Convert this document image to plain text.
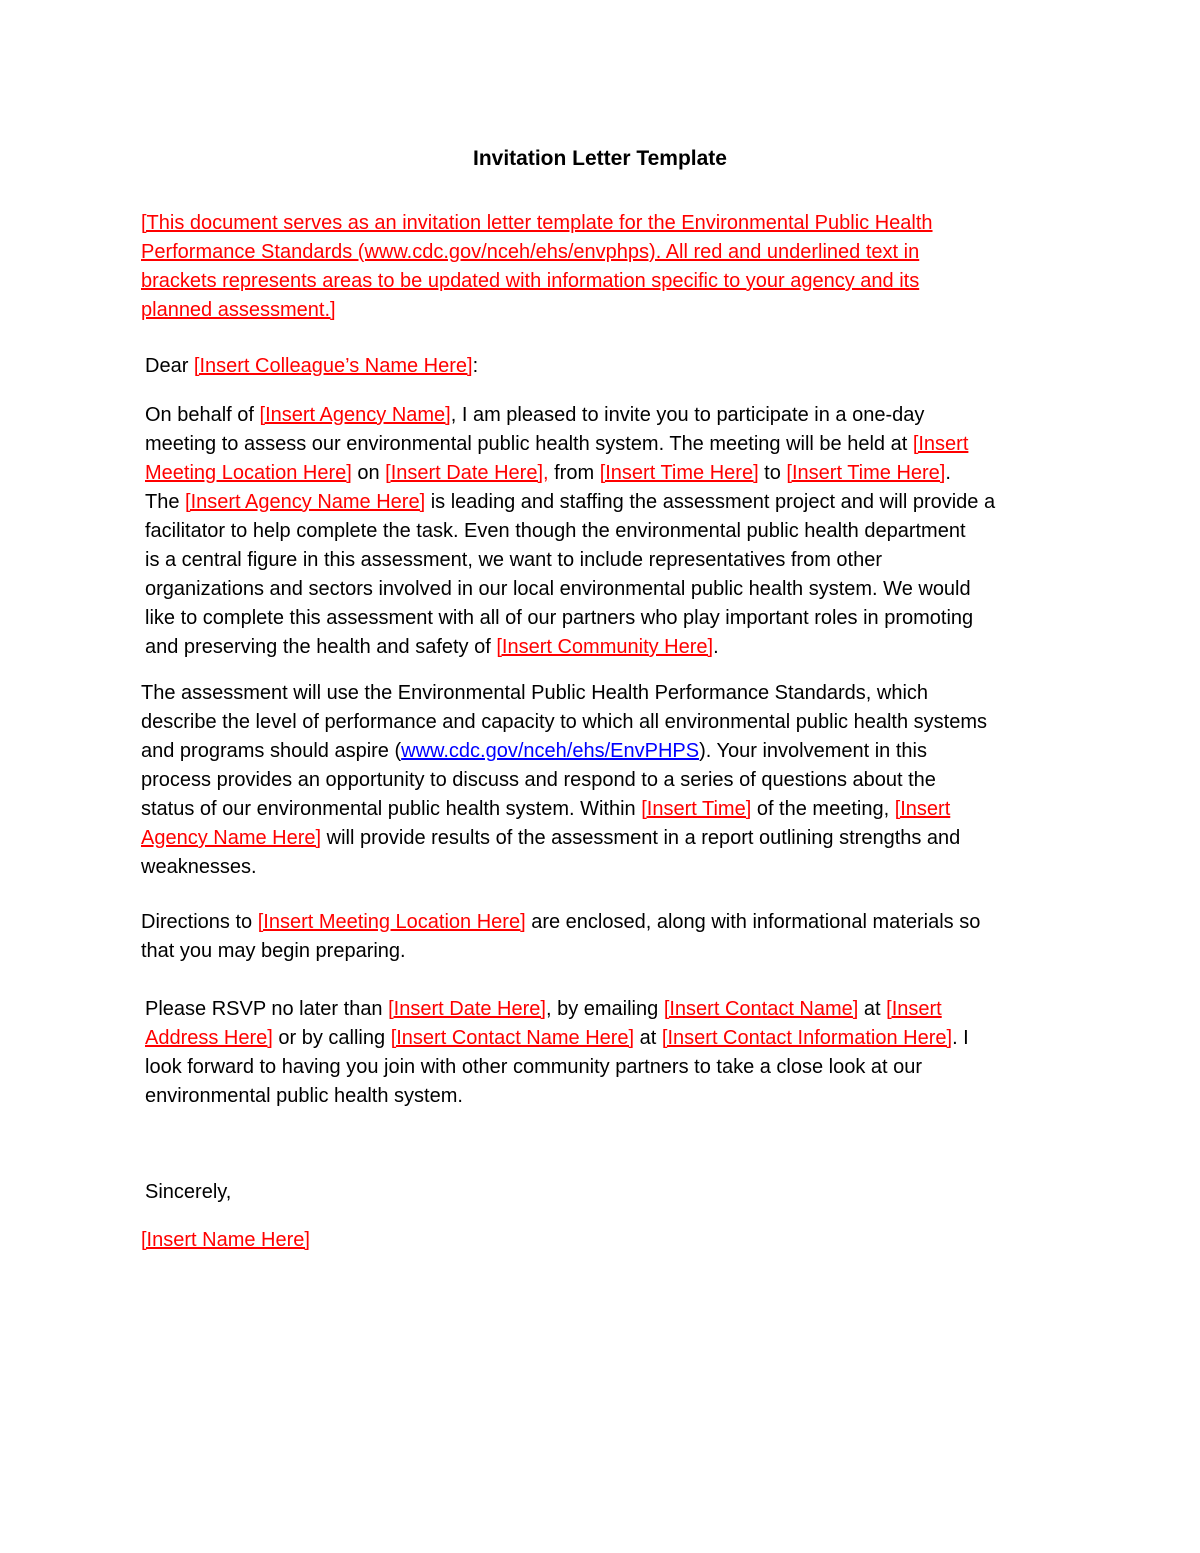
Invitation Letter Template

[This document serves as an invitation letter template for the Environmental Public Health
Performance Standards (www.cdc.gov/nceh/ehs/envphps). All red and underlined text in
brackets represents areas to be updated with information specific to your agency and its
planned assessment.]

Dear [Insert Colleague’s Name Here]:

On behalf of [Insert Agency Name], I am pleased to invite you to participate in a one-day
meeting to assess our environmental public health system. The meeting will be held at [Insert
Meeting Location Here] on [Insert Date Here], from [Insert Time Here] to [Insert Time Here].
The [Insert Agency Name Here] is leading and staffing the assessment project and will provide a
facilitator to help complete the task. Even though the environmental public health department
is a central figure in this assessment, we want to include representatives from other
organizations and sectors involved in our local environmental public health system. We would
like to complete this assessment with all of our partners who play important roles in promoting
and preserving the health and safety of [Insert Community Here].

The assessment will use the Environmental Public Health Performance Standards, which
describe the level of performance and capacity to which all environmental public health systems
and programs should aspire (www.cdc.gov/nceh/ehs/EnvPHPS). Your involvement in this
process provides an opportunity to discuss and respond to a series of questions about the
status of our environmental public health system. Within [Insert Time] of the meeting, [Insert
Agency Name Here] will provide results of the assessment in a report outlining strengths and
weaknesses.

Directions to [Insert Meeting Location Here] are enclosed, along with informational materials so
that you may begin preparing.

Please RSVP no later than [Insert Date Here], by emailing [Insert Contact Name] at [Insert
Address Here] or by calling [Insert Contact Name Here] at [Insert Contact Information Here]. I
look forward to having you join with other community partners to take a close look at our
environmental public health system.

Sincerely,

[Insert Name Here]
